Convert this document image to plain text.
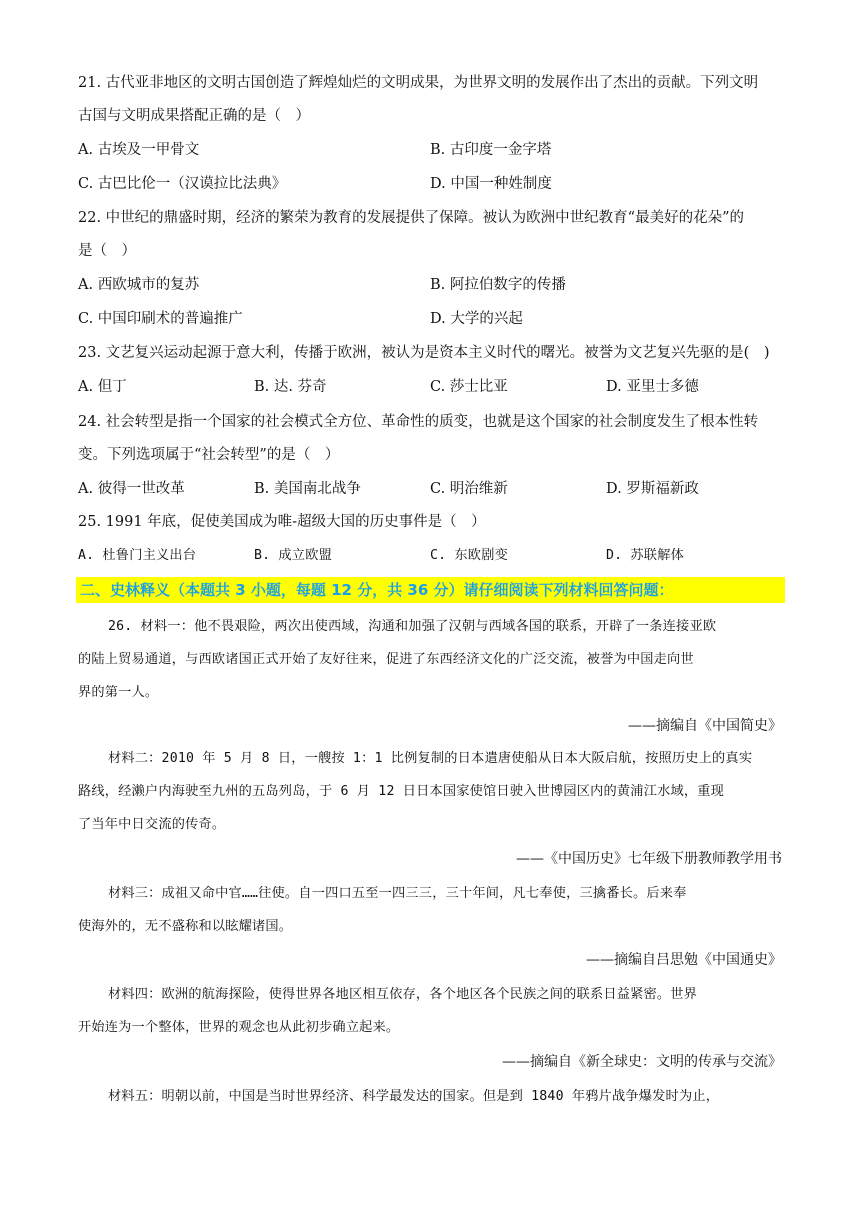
21. 古代亚非地区的文明古国创造了辉煌灿烂的文明成果，为世界文明的发展作出了杰出的贡献。下列文明
古国与文明成果搭配正确的是（　）
A. 古埃及一甲骨文	B. 古印度一金字塔
C. 古巴比伦一（汉谟拉比法典》	D. 中国一种姓制度
22. 中世纪的鼎盛时期，经济的繁荣为教育的发展提供了保障。被认为欧洲中世纪教育“最美好的花朵”的
是（　）
A. 西欧城市的复苏	B. 阿拉伯数字的传播
C. 中国印刷术的普遍推广	D. 大学的兴起
23. 文艺复兴运动起源于意大利，传播于欧洲，被认为是资本主义时代的曙光。被誉为文艺复兴先驱的是(　)
A. 但丁	B. 达. 芬奇	C. 莎士比亚	D. 亚里士多德
24. 社会转型是指一个国家的社会模式全方位、革命性的质变，也就是这个国家的社会制度发生了根本性转
变。下列选项属于“社会转型”的是（　）
A. 彼得一世改革	B. 美国南北战争	C. 明治维新	D. 罗斯福新政
25. 1991 年底，促使美国成为唯-超级大国的历史事件是（　）
A. 杜鲁门主义出台	B. 成立欧盟	C. 东欧剧变	D. 苏联解体
二、史林释义（本题共 3 小题，每题 12 分，共 36 分）请仔细阅读下列材料回答问题：
26. 材料一：他不畏艰险，两次出使西域，沟通和加强了汉朝与西域各国的联系，开辟了一条连接亚欧
的陆上贸易通道，与西欧诸国正式开始了友好往来，促进了东西经济文化的广泛交流，被誉为中国走向世
界的第一人。
——摘编自《中国简史》
材料二：2010 年 5 月 8 日，一艘按 1：1 比例复制的日本遣唐使船从日本大阪启航，按照历史上的真实
路线，经濑户内海驶至九州的五岛列岛，于 6 月 12 日日本国家使馆日驶入世博园区内的黄浦江水域，重现
了当年中日交流的传奇。
——《中国历史》七年级下册教师教学用书
材料三：成祖又命中官……往使。自一四口五至一四三三，三十年间，凡七奉使，三擒番长。后来奉
使海外的，无不盛称和以眩耀诸国。
——摘编自吕思勉《中国通史》
材料四：欧洲的航海探险，使得世界各地区相互依存，各个地区各个民族之间的联系日益紧密。世界
开始连为一个整体，世界的观念也从此初步确立起来。
——摘编自《新全球史：文明的传承与交流》
材料五：明朝以前，中国是当时世界经济、科学最发达的国家。但是到 1840 年鸦片战争爆发时为止，
